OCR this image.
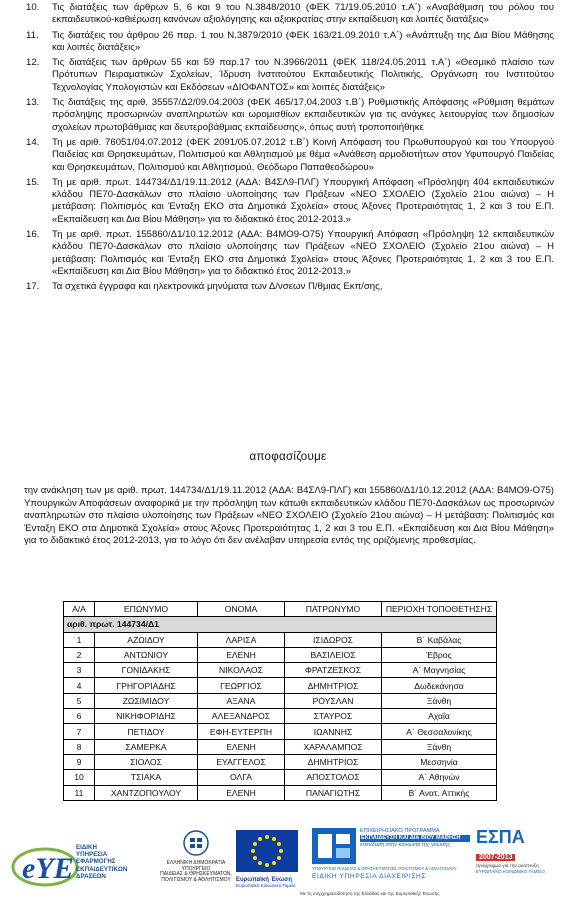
10.	Τις διατάξεις των άρθρων 5, 6 και 9 του Ν.3848/2010 (ΦΕΚ 71/19.05.2010 τ.Α΄) «Αναβάθμιση του ρόλου του εκπαιδευτικού-καθιέρωση κανόνων αξιολόγησης και αξιοκρατίας στην εκπαίδευση και λοιπές διατάξεις»
11.	Τις διατάξεις του άρθρου 26 παρ. 1 του Ν.3879/2010 (ΦΕΚ 163/21.09.2010 τ.Α΄) «Ανάπτυξη της Δια Βίου Μάθησης και λοιπές διατάξεις»
12.	Τις διατάξεις των άρθρων 55 και 59 παρ.17 του Ν.3966/2011 (ΦΕΚ 118/24.05.2011 τ.Α΄) «Θεσμικό πλαίσιο των Πρότυπων Πειραματικών Σχολείων, Ίδρυση Ινστιτούτου Εκπαιδευτικής Πολιτικής, Οργάνωση του Ινστιτούτου Τεχνολογίας Υπολογιστών και Εκδόσεων «ΔΙΟΦΑΝΤΟΣ» και λοιπές διατάξεις»
13.	Τις διατάξεις της αριθ. 35557/Δ2/09.04.2003 (ΦΕΚ 465/17.04.2003 τ.Β΄) Ρυθμιστικής Απόφασης «Ρύθμιση θεμάτων πρόσληψης προσωρινών αναπληρωτών και ωρομισθίων εκπαιδευτικών για τις ανάγκες λειτουργίας των δημοσίων σχολείων πρωτοβάθμιας και δευτεροβάθμιας εκπαίδευσης», όπως αυτή τροποποιήθηκε
14.	Τη με αριθ. 76051/04.07.2012 (ΦΕΚ 2091/05.07.2012 τ.Β΄) Κοινή Απόφαση του Πρωθυπουργού και του Υπουργού Παιδείας και Θρησκευμάτων, Πολιτισμού και Αθλητισμού με θέμα «Ανάθεση αρμοδιοτήτων στον Υφυπουργό Παιδείας και Θρησκευμάτων, Πολιτισμού και Αθλητισμού, Θεόδωρο Παπαθεοδώρου»
15.	Τη με αριθ. πρωτ. 144734/Δ1/19.11.2012 (ΑΔΑ: Β4ΣΛ9-ΠΛΓ) Υπουργική Απόφαση «Πρόσληψη 404 εκπαιδευτικών κλάδου ΠΕ70-Δασκάλων στο πλαίσιο υλοποίησης των Πράξεων «ΝΕΟ ΣΧΟΛΕΙΟ (Σχολείο 21ου αιώνα) – Η μετάβαση: Πολιτισμός και Ένταξη ΕΚΟ στα Δημοτικά Σχολεία» στους Άξονες Προτεραιότητας 1, 2 και 3 του Ε.Π. «Εκπαίδευση και Δια Βίου Μάθηση» για το διδακτικό έτος 2012-2013.»
16.	Τη με αριθ. πρωτ. 155860/Δ1/10.12.2012 (ΑΔΑ: Β4ΜΟ9-Ο75) Υπουργική Απόφαση «Πρόσληψη 12 εκπαιδευτικών κλάδου ΠΕ70-Δασκάλων στο πλαίσιο υλοποίησης των Πράξεων «ΝΕΟ ΣΧΟΛΕΙΟ (Σχολείο 21ου αιώνα) – Η μετάβαση: Πολιτισμός και Ένταξη ΕΚΟ στα Δημοτικά Σχολεία» στους Άξονες Προτεραιότητας 1, 2 και 3 του Ε.Π. «Εκπαίδευση και Δια Βίου Μάθηση» για το διδακτικό έτος 2012-2013.»
17.	Τα σχετικά έγγραφα και ηλεκτρονικά μηνύματα των Δ/νσεων Π/θμιας Εκπ/σης,
αποφασίζουμε
την ανάκληση των με αριθ. πρωτ. 144734/Δ1/19.11.2012 (ΑΔΑ: Β4ΣΛ9-ΠΛΓ) και 155860/Δ1/10.12.2012 (ΑΔΑ: Β4ΜΟ9-Ο75) Υπουργικών Αποφάσεων αναφορικά με την πρόσληψη των κάτωθι εκπαιδευτικών κλάδου ΠΕ70-Δασκάλων ως προσωρινών αναπληρωτών στο πλαίσιο υλοποίησης των Πράξεων «ΝΕΟ ΣΧΟΛΕΙΟ (Σχολείο 21ου αιώνα) – Η μετάβαση: Πολιτισμός και Ένταξη ΕΚΟ στα Δημοτικά Σχολεία» στους Άξονες Προτεραιότητας 1, 2 και 3 του Ε.Π. «Εκπαίδευση και Δια Βίου Μάθηση» για το διδακτικό έτος 2012-2013, για το λόγο ότι δεν ανέλαβαν υπηρεσία εντός της οριζόμενης προθεσμίας.
Α/Α	ΕΠΩΝΥΜΟ	ΟΝΟΜΑ	ΠΑΤΡΩΝΥΜΟ	ΠΕΡΙΟΧΗ ΤΟΠΟΘΕΤΗΣΗΣ
αριθ. πρωτ. 144734/Δ1				
1	ΑΖΩΙΔΟΥ	ΛΑΡΙΣΑ	ΙΣΙΔΩΡΟΣ	Β΄ Καβάλας
2	ΑΝΤΩΝΙΟΥ	ΕΛΕΝΗ	ΒΑΣΙΛΕΙΟΣ	Έβρος
3	ΓΟΝΙΔΑΚΗΣ	ΝΙΚΟΛΑΟΣ	ΦΡΑΤΖΕΣΚΟΣ	Α΄ Μαγνησίας
4	ΓΡΗΓΟΡΙΑΔΗΣ	ΓΕΩΡΓΙΟΣ	ΔΗΜΗΤΡΙΟΣ	Δωδεκάνησα
5	ΖΩΣΙΜΙΔΟΥ	ΑΞΑΝΑ	ΡΟΥΣΛΑΝ	Ξάνθη
6	ΝΙΚΗΦΟΡΙΔΗΣ	ΑΛΕΞΑΝΔΡΟΣ	ΣΤΑΥΡΟΣ	Αχαΐα
7	ΠΕΤΙΔΟΥ	ΕΦΗ-ΕΥΤΕΡΠΗ	ΙΩΑΝΝΗΣ	Α΄ Θεσσαλονίκης
8	ΣΑΜΕΡΚΑ	ΕΛΕΝΗ	ΧΑΡΑΛΑΜΠΟΣ	Ξάνθη
9	ΣΙΟΛΟΣ	ΕΥΑΓΓΕΛΟΣ	ΔΗΜΗΤΡΙΟΣ	Μεσσηνία
10	ΤΣΙΑΚΑ	ΟΛΓΑ	ΑΠΟΣΤΟΛΟΣ	Α΄ Αθηνών
11	ΧΑΝΤΖΟΠΟΥΛΟΥ	ΕΛΕΝΗ	ΠΑΝΑΓΙΩΤΗΣ	Β΄ Ανατ. Αττικής
eYE
ΕΙΔΙΚΗ
ΥΠΗΡΕΣΙΑ
ΕΦΑΡΜΟΓΗΣ
ΕΚΠΑΙΔΕΥΤΙΚΩΝ
ΔΡΑΣΕΩΝ
ΕΛΛΗΝΙΚΗ ΔΗΜΟΚΡΑΤΙΑ
ΥΠΟΥΡΓΕΙΟ
ΠΑΙΔΕΙΑΣ & ΘΡΗΣΚΕΥΜΑΤΩΝ,
ΠΟΛΙΤΙΣΜΟΥ & ΑΘΛΗΤΙΣΜΟΥ Ευρωπαϊκή Ένωση
Ευρωπαϊκό Κοινωνικό Ταμείο
ΕΠΙΧΕΙΡΗΣΙΑΚΟ ΠΡΟΓΡΑΜΜΑ
ΕΚΠΑΙΔΕΥΣΗ ΚΑΙ ΔΙΑ ΒΙΟΥ ΜΑΘΗΣΗ
επένδυση στην κοινωνία της γνώσης
ΥΠΟΥΡΓΕΙΟ ΠΑΙΔΕΙΑΣ & ΘΡΗΣΚΕΥΜΑΤΩΝ, ΠΟΛΙΤΙΣΜΟΥ & ΑΘΛΗΤΙΣΜΟΥ
ΕΙΔΙΚΗ ΥΠΗΡΕΣΙΑ ΔΙΑΧΕΙΡΙΣΗΣ
ΕΣΠΑ
2007-2013
πρόγραμμα για την ανάπτυξη
ΕΥΡΩΠΑΪΚΟ ΚΟΙΝΩΝΙΚΟ ΤΑΜΕΙΟ
Με τη συγχρηματοδότηση της Ελλάδας και της Ευρωπαϊκής Ένωσης
